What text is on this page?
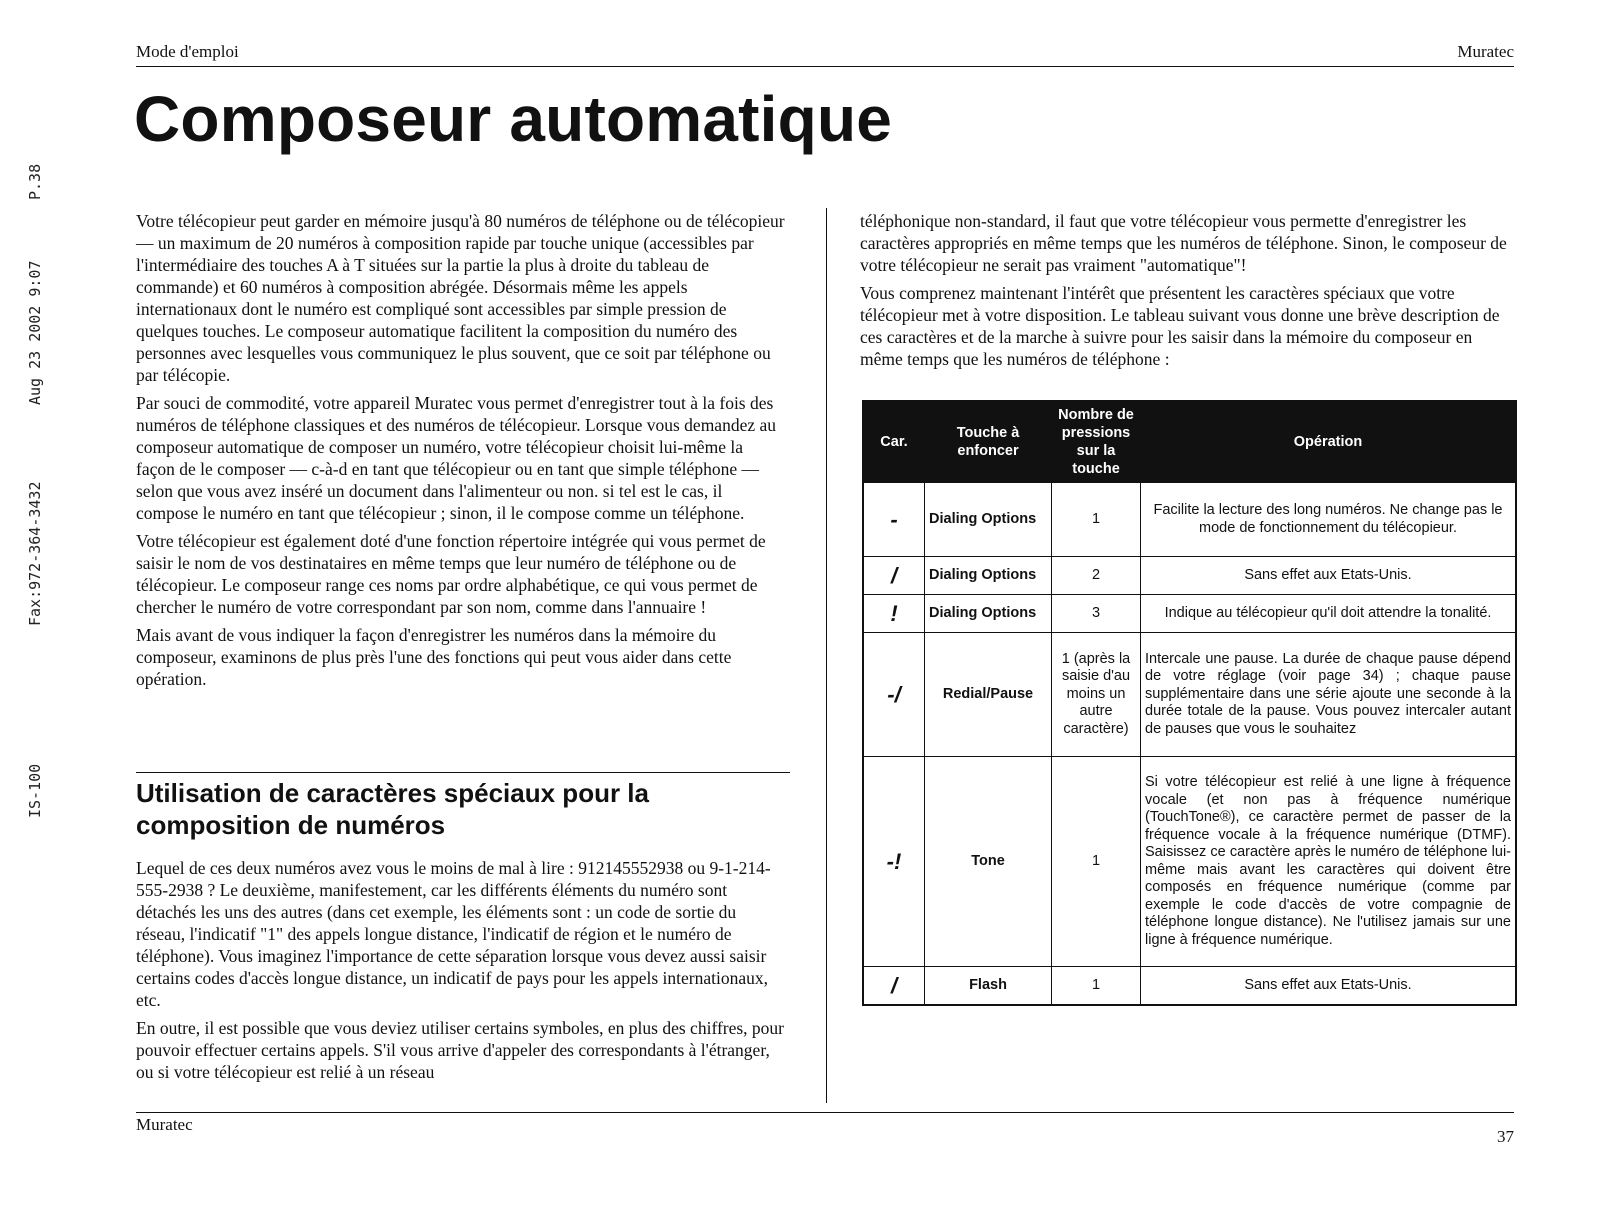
P.38
Aug 23 2002 9:07
Fax:972-364-3432
IS-100
Mode d'emploi	Muratec
Composeur automatique

Votre télécopieur peut garder en mémoire jusqu'à 80 numéros de téléphone ou de télécopieur — un maximum de 20 numéros à composition rapide par touche unique (accessibles par l'intermédiaire des touches A à T situées sur la partie la plus à droite du tableau de commande) et 60 numéros à composition abrégée. Désormais même les appels internationaux dont le numéro est compliqué sont accessibles par simple pression de quelques touches. Le composeur automatique facilitent la composition du numéro des personnes avec lesquelles vous communiquez le plus souvent, que ce soit par téléphone ou par télécopie.

Par souci de commodité, votre appareil Muratec vous permet d'enregistrer tout à la fois des numéros de téléphone classiques et des numéros de télécopieur. Lorsque vous demandez au composeur automatique de composer un numéro, votre télécopieur choisit lui-même la façon de le composer — c-à-d en tant que télécopieur ou en tant que simple téléphone — selon que vous avez inséré un document dans l'alimenteur ou non. si tel est le cas, il compose le numéro en tant que télécopieur ; sinon, il le compose comme un téléphone.

Votre télécopieur est également doté d'une fonction répertoire intégrée qui vous permet de saisir le nom de vos destinataires en même temps que leur numéro de téléphone ou de télécopieur. Le composeur range ces noms par ordre alphabétique, ce qui vous permet de chercher le numéro de votre correspondant par son nom, comme dans l'annuaire !

Mais avant de vous indiquer la façon d'enregistrer les numéros dans la mémoire du composeur, examinons de plus près l'une des fonctions qui peut vous aider dans cette opération.

Utilisation de caractères spéciaux pour la composition de numéros

Lequel de ces deux numéros avez vous le moins de mal à lire : 912145552938 ou 9-1-214-555-2938 ? Le deuxième, manifestement, car les différents éléments du numéro sont détachés les uns des autres (dans cet exemple, les éléments sont : un code de sortie du réseau, l'indicatif "1" des appels longue distance, l'indicatif de région et le numéro de téléphone). Vous imaginez l'importance de cette séparation lorsque vous devez aussi saisir certains codes d'accès longue distance, un indicatif de pays pour les appels internationaux, etc.

En outre, il est possible que vous deviez utiliser certains symboles, en plus des chiffres, pour pouvoir effectuer certains appels. S'il vous arrive d'appeler des correspondants à l'étranger, ou si votre télécopieur est relié à un réseau

téléphonique non-standard, il faut que votre télécopieur vous permette d'enregistrer les caractères appropriés en même temps que les numéros de téléphone. Sinon, le composeur de votre télécopieur ne serait pas vraiment "automatique"!

Vous comprenez maintenant l'intérêt que présentent les caractères spéciaux que votre télécopieur met à votre disposition. Le tableau suivant vous donne une brève description de ces caractères et de la marche à suivre pour les saisir dans la mémoire du composeur en même temps que les numéros de téléphone :

Car.	Touche à enfoncer	Nombre de pressions sur la touche	Opération
-	Dialing Options	1	Facilite la lecture des long numéros. Ne change pas le mode de fonctionnement du télécopieur.
/	Dialing Options	2	Sans effet aux Etats-Unis.
!	Dialing Options	3	Indique au télécopieur qu'il doit attendre la tonalité.
-/	Redial/Pause	1 (après la saisie d'au moins un autre caractère)	Intercale une pause. La durée de chaque pause dépend de votre réglage (voir page 34) ; chaque pause supplémentaire dans une série ajoute une seconde à la durée totale de la pause. Vous pouvez intercaler autant de pauses que vous le souhaitez
-!	Tone	1	Si votre télécopieur est relié à une ligne à fréquence vocale (et non pas à fréquence numérique (TouchTone®), ce caractère permet de passer de la fréquence vocale à la fréquence numérique (DTMF). Saisissez ce caractère après le numéro de téléphone lui-même mais avant les caractères qui doivent être composés en fréquence numérique (comme par exemple le code d'accès de votre compagnie de téléphone longue distance). Ne l'utilisez jamais sur une ligne à fréquence numérique.
/	Flash	1	Sans effet aux Etats-Unis.
Muratec
37
